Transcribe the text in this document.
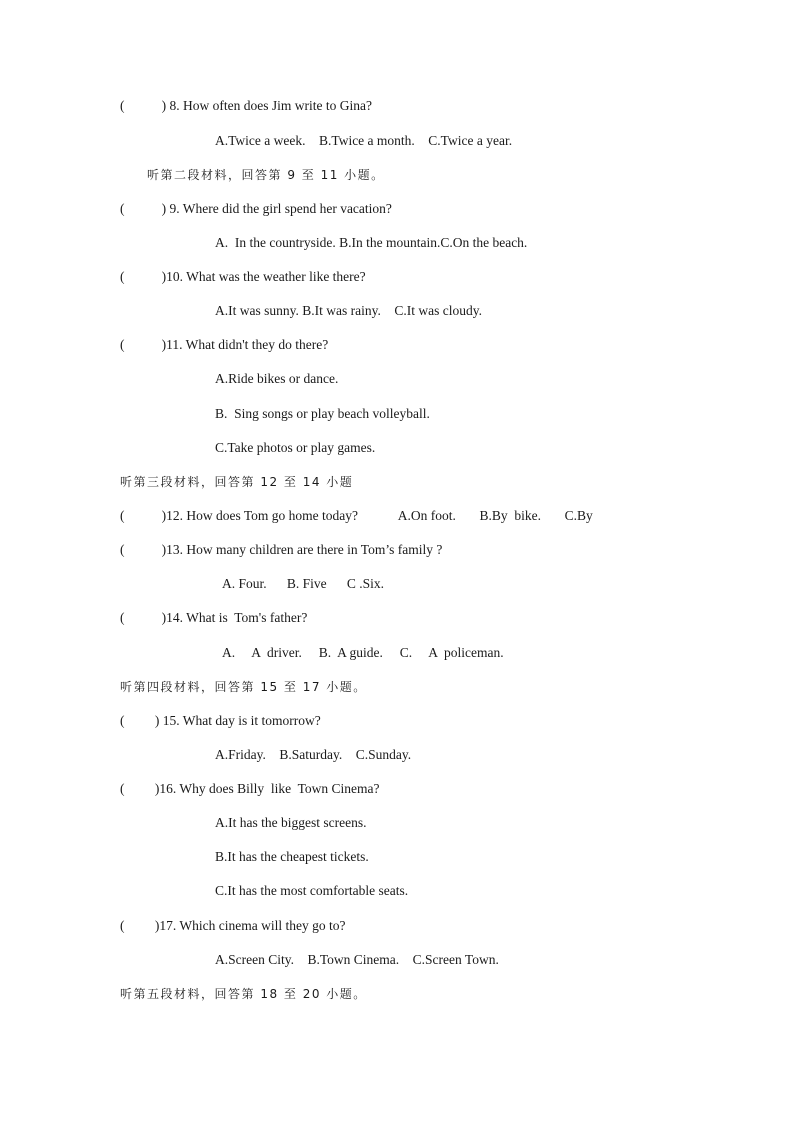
(           ) 8. How often does Jim write to Gina?
A.Twice a week.    B.Twice a month.    C.Twice a year.
听第二段材料，回答第 9 至 11 小题。
(           ) 9. Where did the girl spend her vacation?
A.  In the countryside. B.In the mountain.C.On the beach.
(           )10. What was the weather like there?
A.It was sunny. B.It was rainy.    C.It was cloudy.
(           )11. What didn't they do there?
A.Ride bikes or dance.
B.  Sing songs or play beach volleyball.
C.Take photos or play games.
听第三段材料，回答第 12 至 14 小题
(           )12. How does Tom go home today?            A.On foot.       B.By  bike.       C.By
(           )13. How many children are there in Tom’s family ?
A. Four.      B. Five      C .Six.
(           )14. What is  Tom's father?
A.     A  driver.     B.  A guide.     C.     A  policeman.
听第四段材料，回答第 15 至 17 小题。
(         ) 15. What day is it tomorrow?
A.Friday.    B.Saturday.    C.Sunday.
(         )16. Why does Billy  like  Town Cinema?
A.It has the biggest screens.
B.It has the cheapest tickets.
C.It has the most comfortable seats.
(         )17. Which cinema will they go to?
A.Screen City.    B.Town Cinema.    C.Screen Town.
听第五段材料，回答第 18 至 20 小题。
